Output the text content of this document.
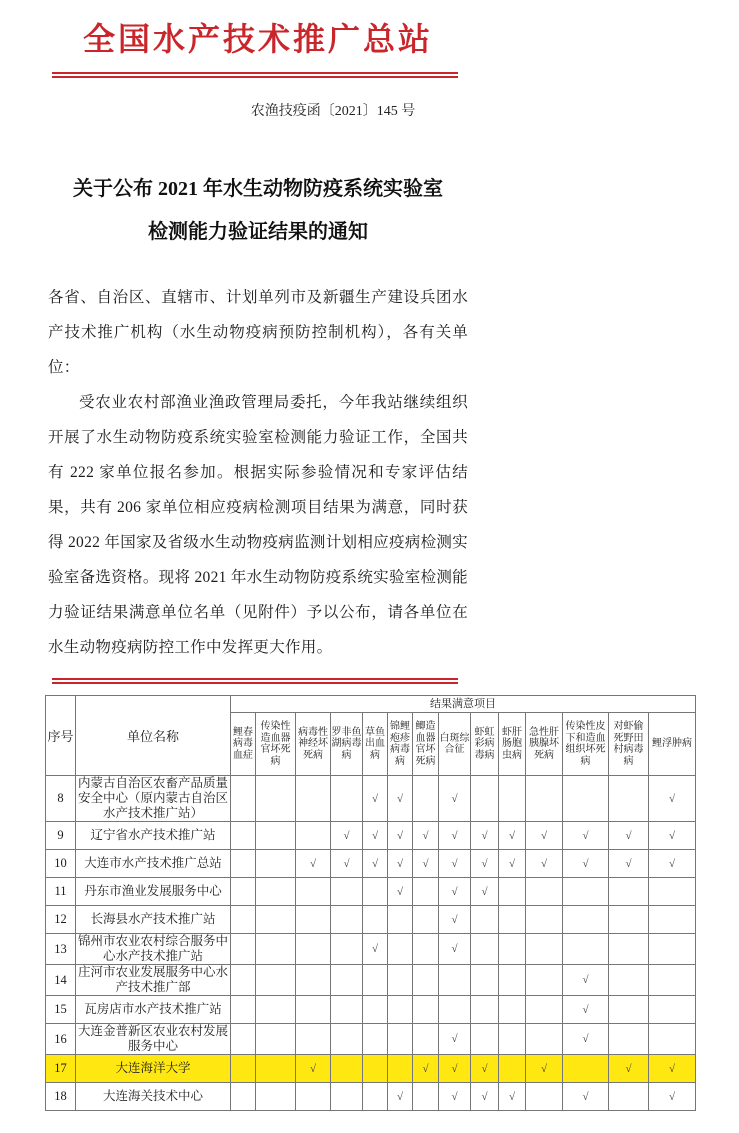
全国水产技术推广总站
农渔技疫函〔2021〕145 号
关于公布 2021 年水生动物防疫系统实验室
检测能力验证结果的通知

各省、自治区、直辖市、计划单列市及新疆生产建设兵团水产技术推广机构（水生动物疫病预防控制机构），各有关单位：

受农业农村部渔业渔政管理局委托，今年我站继续组织开展了水生动物防疫系统实验室检测能力验证工作，全国共有 222 家单位报名参加。根据实际参验情况和专家评估结果，共有 206 家单位相应疫病检测项目结果为满意，同时获得 2022 年国家及省级水生动物疫病监测计划相应疫病检测实验室备选资格。现将 2021 年水生动物防疫系统实验室检测能力验证结果满意单位名单（见附件）予以公布，请各单位在水生动物疫病防控工作中发挥更大作用。

序号	单位名称	结果满意项目													
		鲤春病毒血症	传染性造血器官坏死病	病毒性神经坏死病	罗非鱼湖病毒病	草鱼出血病	锦鲤疱疹病毒病	鲫造血器官坏死病	白斑综合征	虾虹彩病毒病	虾肝肠胞虫病	急性肝胰腺坏死病	传染性皮下和造血组织坏死病	对虾偷死野田村病毒病	鲤浮肿病
8	内蒙古自治区农畜产品质量安全中心（原内蒙古自治区水产技术推广站）					√	√		√						√
9	辽宁省水产技术推广站				√	√	√	√	√	√	√	√	√	√	√
10	大连市水产技术推广总站			√	√	√	√	√	√	√	√	√	√	√	√
11	丹东市渔业发展服务中心						√		√	√					
12	长海县水产技术推广站								√						
13	锦州市农业农村综合服务中心水产技术推广站					√			√						
14	庄河市农业发展服务中心水产技术推广部												√		
15	瓦房店市水产技术推广站												√		
16	大连金普新区农业农村发展服务中心								√				√		
17	大连海洋大学			√				√	√	√		√		√	√
18	大连海关技术中心						√		√	√	√		√		√
